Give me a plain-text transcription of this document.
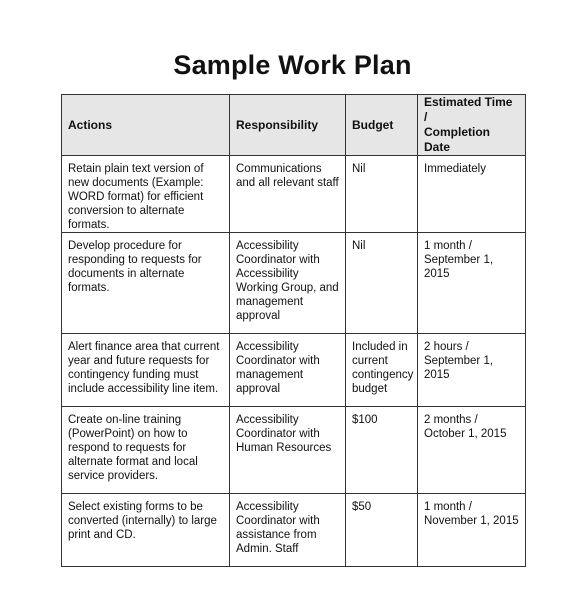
Sample Work Plan
Actions	Responsibility	Budget	Estimated Time /
Completion Date

Retain plain text version of new documents (Example: WORD format) for efficient conversion to alternate formats.	Communications and all relevant staff	Nil	Immediately
Develop procedure for responding to requests for documents in alternate formats.	Accessibility Coordinator with Accessibility Working Group, and management approval	Nil	1 month / September 1, 2015
Alert finance area that current year and future requests for contingency funding must include accessibility line item.	Accessibility Coordinator with management approval	Included in current contingency budget	2 hours / September 1, 2015
Create on-line training (PowerPoint) on how to respond to requests for alternate format and local service providers.	Accessibility Coordinator with Human Resources	$100	2 months / October 1, 2015
Select existing forms to be converted (internally) to large print and CD.	Accessibility Coordinator with assistance from Admin. Staff	$50	1 month / November 1, 2015
